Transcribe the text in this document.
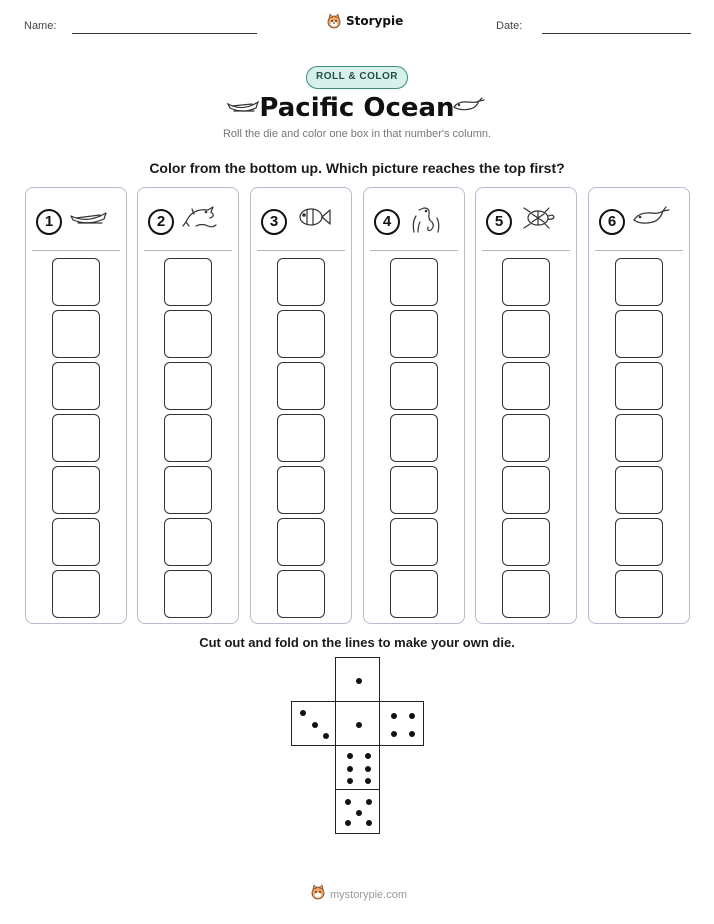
Name:	Storypie	Date:
ROLL & COLOR
Pacific Ocean
Roll the die and color one box in that number's column.
Color from the bottom up. Which picture reaches the top first?
1	2	3	4	5	6
Cut out and fold on the lines to make your own die.
mystorypie.com
